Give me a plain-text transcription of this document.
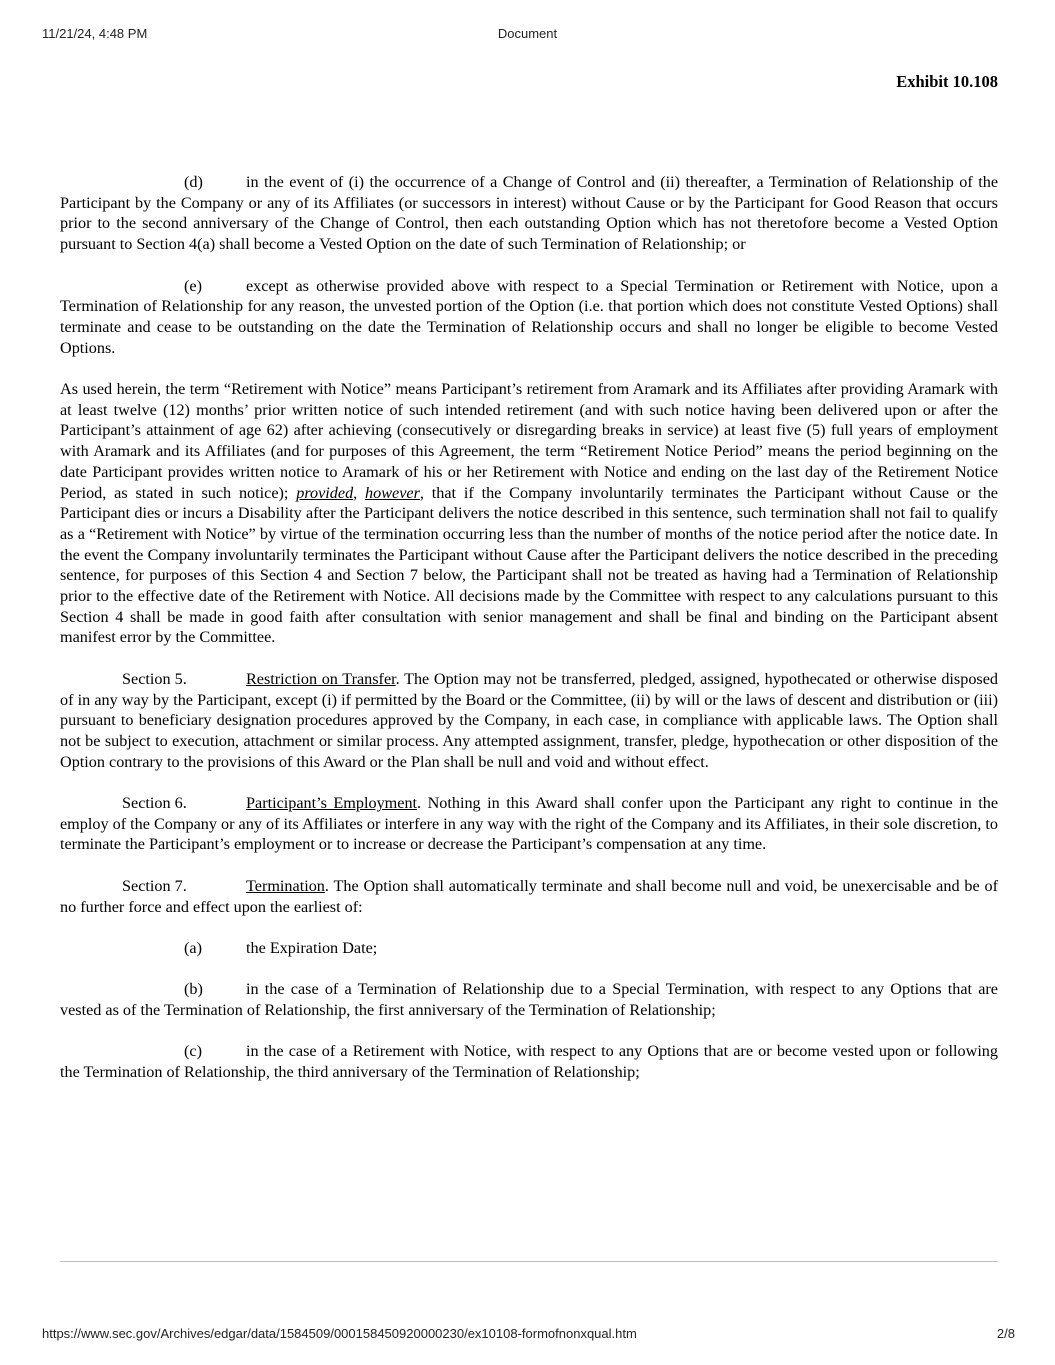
11/21/24, 4:48 PM	Document
Exhibit 10.108

(d)	in the event of (i) the occurrence of a Change of Control and (ii) thereafter, a Termination of Relationship of the Participant by the Company or any of its Affiliates (or successors in interest) without Cause or by the Participant for Good Reason that occurs prior to the second anniversary of the Change of Control, then each outstanding Option which has not theretofore become a Vested Option pursuant to Section 4(a) shall become a Vested Option on the date of such Termination of Relationship; or

(e)	except as otherwise provided above with respect to a Special Termination or Retirement with Notice, upon a Termination of Relationship for any reason, the unvested portion of the Option (i.e. that portion which does not constitute Vested Options) shall terminate and cease to be outstanding on the date the Termination of Relationship occurs and shall no longer be eligible to become Vested Options.

As used herein, the term “Retirement with Notice” means Participant’s retirement from Aramark and its Affiliates after providing Aramark with at least twelve (12) months’ prior written notice of such intended retirement (and with such notice having been delivered upon or after the Participant’s attainment of age 62) after achieving (consecutively or disregarding breaks in service) at least five (5) full years of employment with Aramark and its Affiliates (and for purposes of this Agreement, the term “Retirement Notice Period” means the period beginning on the date Participant provides written notice to Aramark of his or her Retirement with Notice and ending on the last day of the Retirement Notice Period, as stated in such notice); provided, however, that if the Company involuntarily terminates the Participant without Cause or the Participant dies or incurs a Disability after the Participant delivers the notice described in this sentence, such termination shall not fail to qualify as a “Retirement with Notice” by virtue of the termination occurring less than the number of months of the notice period after the notice date. In the event the Company involuntarily terminates the Participant without Cause after the Participant delivers the notice described in the preceding sentence, for purposes of this Section 4 and Section 7 below, the Participant shall not be treated as having had a Termination of Relationship prior to the effective date of the Retirement with Notice. All decisions made by the Committee with respect to any calculations pursuant to this Section 4 shall be made in good faith after consultation with senior management and shall be final and binding on the Participant absent manifest error by the Committee.

Section 5.	Restriction on Transfer. The Option may not be transferred, pledged, assigned, hypothecated or otherwise disposed of in any way by the Participant, except (i) if permitted by the Board or the Committee, (ii) by will or the laws of descent and distribution or (iii) pursuant to beneficiary designation procedures approved by the Company, in each case, in compliance with applicable laws. The Option shall not be subject to execution, attachment or similar process. Any attempted assignment, transfer, pledge, hypothecation or other disposition of the Option contrary to the provisions of this Award or the Plan shall be null and void and without effect.

Section 6.	Participant’s Employment. Nothing in this Award shall confer upon the Participant any right to continue in the employ of the Company or any of its Affiliates or interfere in any way with the right of the Company and its Affiliates, in their sole discretion, to terminate the Participant’s employment or to increase or decrease the Participant’s compensation at any time.

Section 7.	Termination. The Option shall automatically terminate and shall become null and void, be unexercisable and be of no further force and effect upon the earliest of:

(a)	the Expiration Date;

(b)	in the case of a Termination of Relationship due to a Special Termination, with respect to any Options that are vested as of the Termination of Relationship, the first anniversary of the Termination of Relationship;

(c)	in the case of a Retirement with Notice, with respect to any Options that are or become vested upon or following the Termination of Relationship, the third anniversary of the Termination of Relationship;

https://www.sec.gov/Archives/edgar/data/1584509/000158450920000230/ex10108-formofnonxqual.htm	2/8
